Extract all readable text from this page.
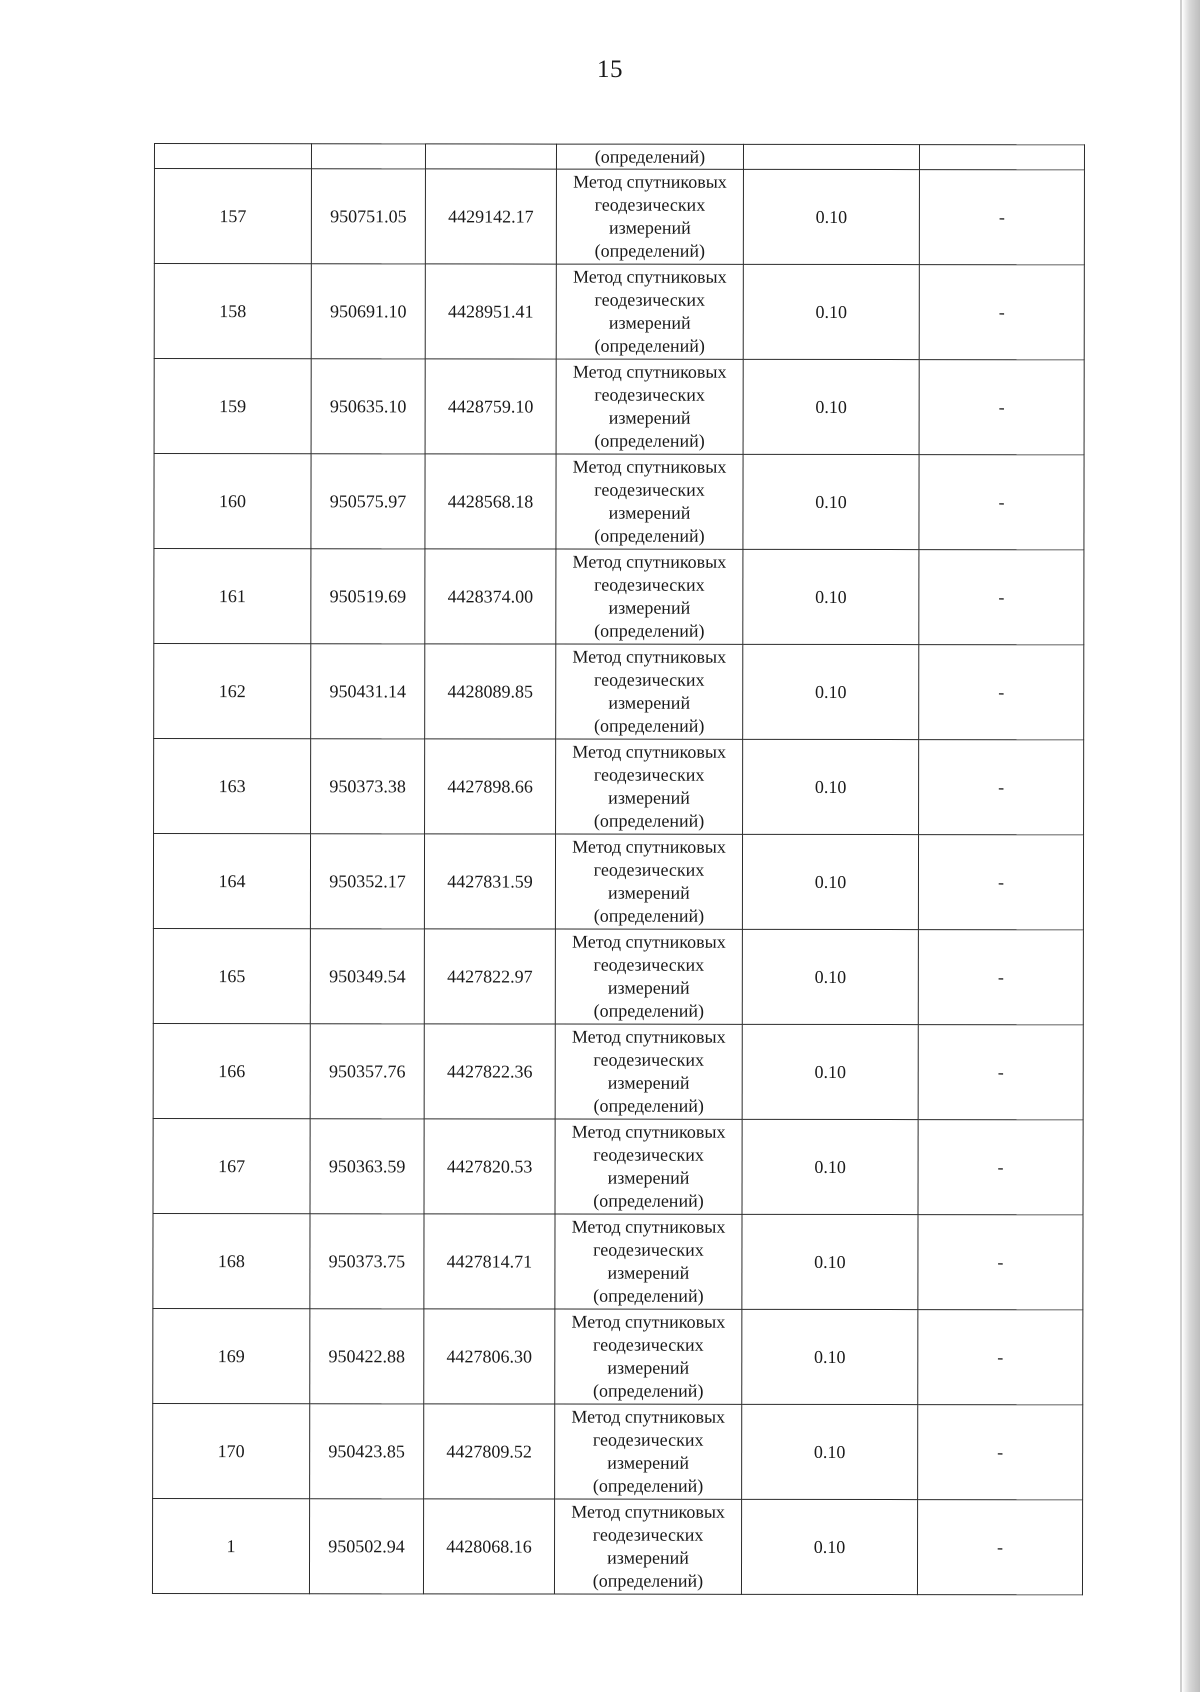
15
			(определений)		
157	950751.05	4429142.17	Метод спутниковых
геодезических
измерений
(определений)	0.10	-
158	950691.10	4428951.41	Метод спутниковых
геодезических
измерений
(определений)	0.10	-
159	950635.10	4428759.10	Метод спутниковых
геодезических
измерений
(определений)	0.10	-
160	950575.97	4428568.18	Метод спутниковых
геодезических
измерений
(определений)	0.10	-
161	950519.69	4428374.00	Метод спутниковых
геодезических
измерений
(определений)	0.10	-
162	950431.14	4428089.85	Метод спутниковых
геодезических
измерений
(определений)	0.10	-
163	950373.38	4427898.66	Метод спутниковых
геодезических
измерений
(определений)	0.10	-
164	950352.17	4427831.59	Метод спутниковых
геодезических
измерений
(определений)	0.10	-
165	950349.54	4427822.97	Метод спутниковых
геодезических
измерений
(определений)	0.10	-
166	950357.76	4427822.36	Метод спутниковых
геодезических
измерений
(определений)	0.10	-
167	950363.59	4427820.53	Метод спутниковых
геодезических
измерений
(определений)	0.10	-
168	950373.75	4427814.71	Метод спутниковых
геодезических
измерений
(определений)	0.10	-
169	950422.88	4427806.30	Метод спутниковых
геодезических
измерений
(определений)	0.10	-
170	950423.85	4427809.52	Метод спутниковых
геодезических
измерений
(определений)	0.10	-
1	950502.94	4428068.16	Метод спутниковых
геодезических
измерений
(определений)	0.10	-
